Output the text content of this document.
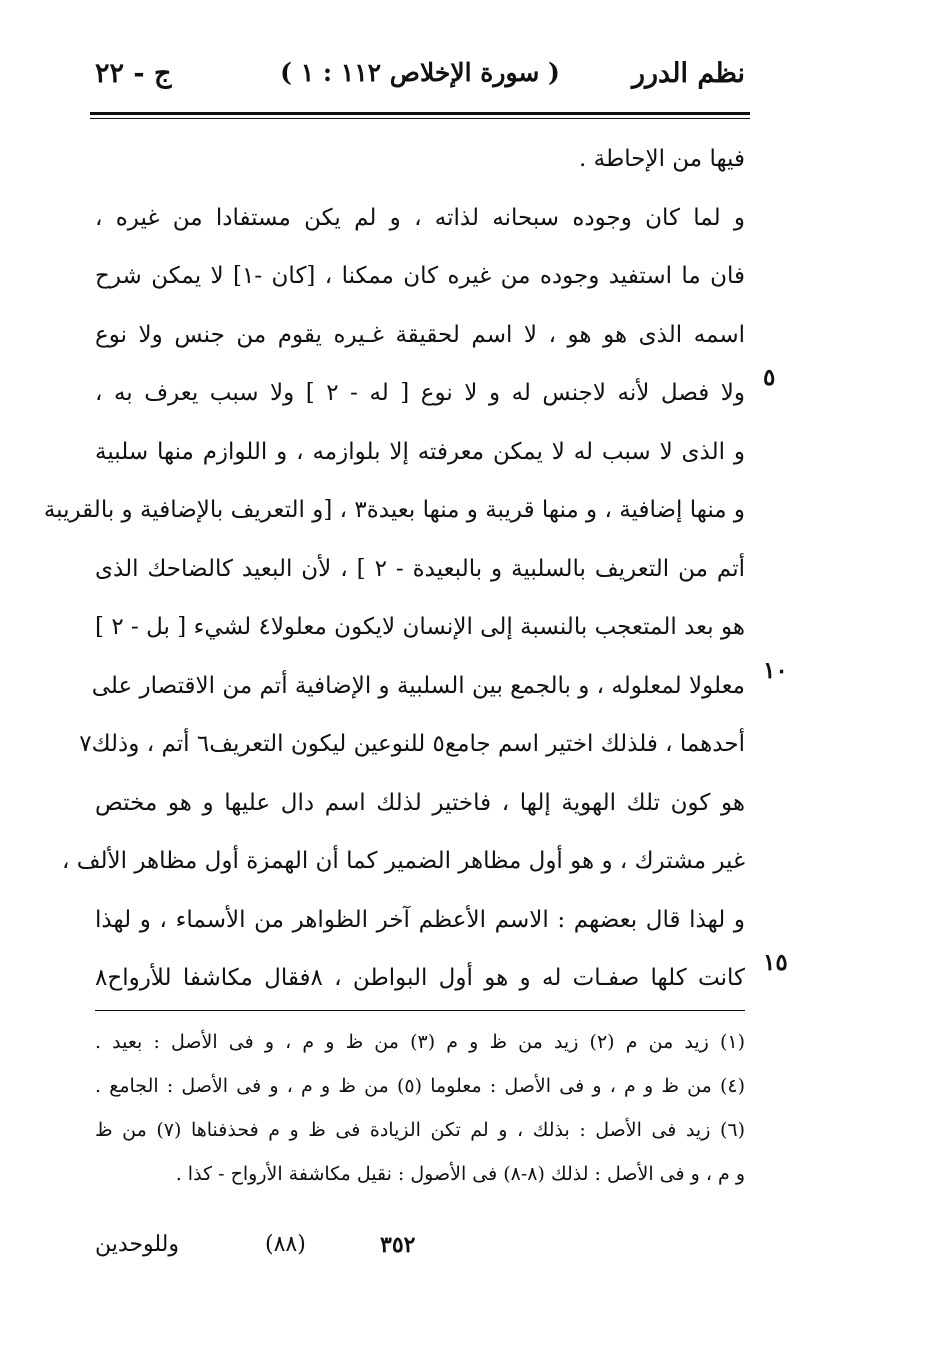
نظم الدرر
( سورة الإخلاص ١١٢ : ١ )
ج - ٢٢
فيها من الإحاطة .
و لما كان وجوده سبحانه لذاته ، و لم يكن مستفادا من غيره ،
فان ما استفيد وجوده من غيره كان ممكنا ، [كان -١] لا يمكن شرح
اسمه الذى هو هو ، لا اسم لحقيقة غـيره يقوم من جنس ولا نوع
ولا فصل لأنه لاجنس له و لا نوع [ له - ٢ ] ولا سبب يعرف به ،
٥
و الذى لا سبب له لا يمكن معرفته إلا بلوازمه ، و اللوازم منها سلبية
و منها إضافية ، و منها قريبة و منها بعيدة٣ ، [و التعريف بالإضافية و بالقريبة
أتم من التعريف بالسلبية و بالبعيدة - ٢ ] ، لأن البعيد كالضاحك الذى
هو بعد المتعجب بالنسبة إلى الإنسان لايكون معلولا٤ لشيء [ بل - ٢ ]
معلولا لمعلوله ، و بالجمع بين السلبية و الإضافية أتم من الاقتصار على
١٠
أحدهما ، فلذلك اختير اسم جامع٥ للنوعين ليكون التعريف٦ أتم ، وذلك٧
هو كون تلك الهوية إلها ، فاختير لذلك اسم دال عليها و هو مختص
غير مشترك ، و هو أول مظاهر الضمير كما أن الهمزة أول مظاهر الألف ،
و لهذا قال بعضهم : الاسم الأعظم آخر الظواهر من الأسماء ، و لهذا
كانت كلها صفـات له و هو أول البواطن ، ٨فقال مكاشفا للأرواح٨
١٥
(١) زيد من م (٢) زيد من ظ و م (٣) من ظ و م ، و فى الأصل : بعيد .
(٤) من ظ و م ، و فى الأصل : معلوما (٥) من ظ و م ، و فى الأصل : الجامع .
(٦) زيد فى الأصل : بذلك ، و لم تكن الزيادة فى ظ و م فحذفناها (٧) من ظ
و م ، و فى الأصل : لذلك (٨-٨) فى الأصول : نقيل مكاشفة الأرواح - كذا .
٣٥٢
(٨٨)
وللوحدين
